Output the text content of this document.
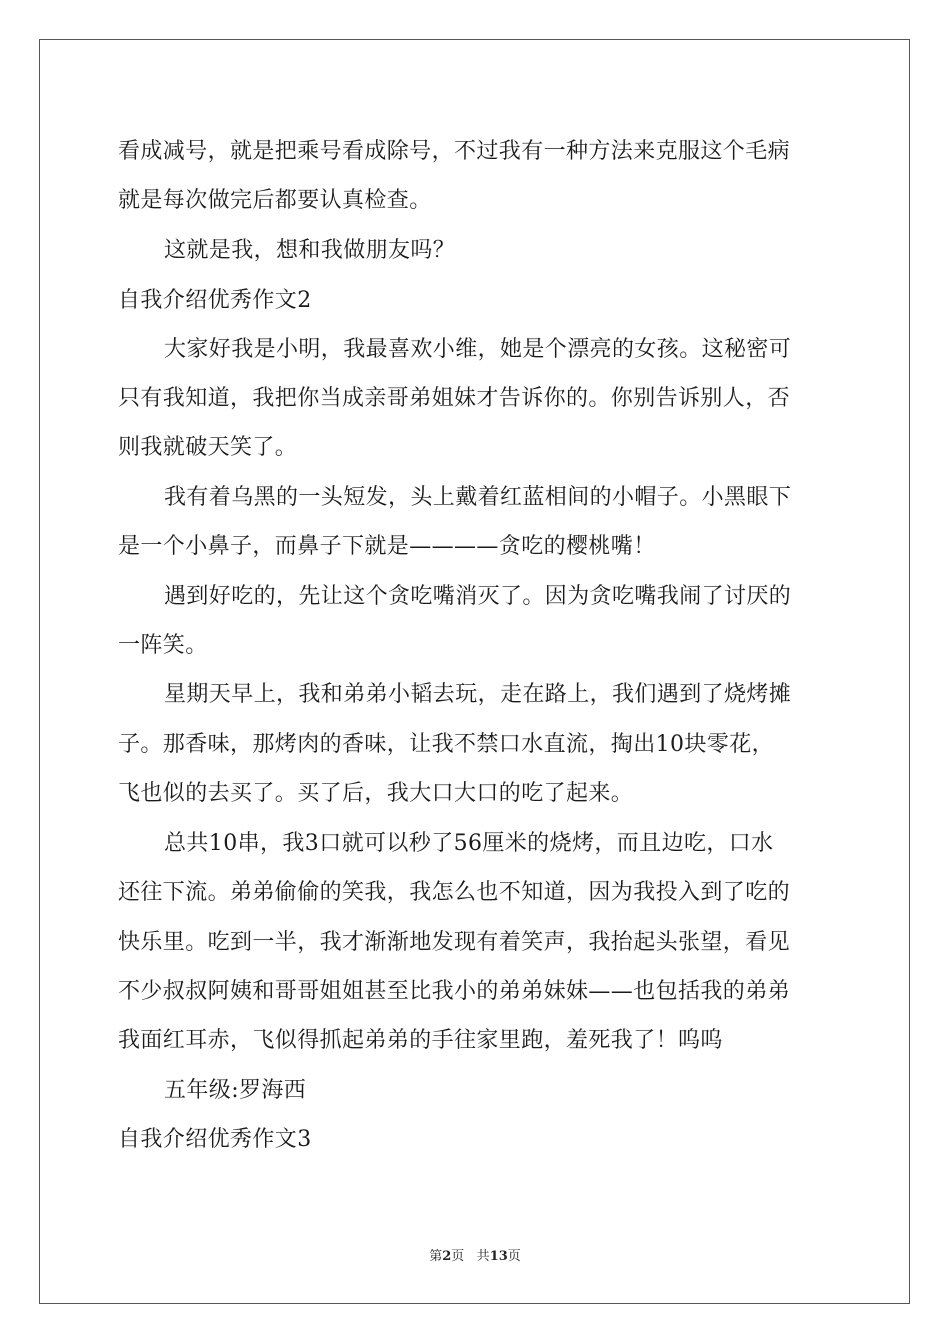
看成减号，就是把乘号看成除号，不过我有一种方法来克服这个毛病
就是每次做完后都要认真检查。
这就是我，想和我做朋友吗？
自我介绍优秀作文2
大家好我是小明，我最喜欢小维，她是个漂亮的女孩。这秘密可
只有我知道，我把你当成亲哥弟姐妹才告诉你的。你别告诉别人，否
则我就破天笑了。
我有着乌黑的一头短发，头上戴着红蓝相间的小帽子。小黑眼下
是一个小鼻子，而鼻子下就是————贪吃的樱桃嘴！
遇到好吃的，先让这个贪吃嘴消灭了。因为贪吃嘴我闹了讨厌的
一阵笑。
星期天早上，我和弟弟小韬去玩，走在路上，我们遇到了烧烤摊
子。那香味，那烤肉的香味，让我不禁口水直流，掏出10块零花，
飞也似的去买了。买了后，我大口大口的吃了起来。
总共10串，我3口就可以秒了56厘米的烧烤，而且边吃，口水
还往下流。弟弟偷偷的笑我，我怎么也不知道，因为我投入到了吃的
快乐里。吃到一半，我才渐渐地发现有着笑声，我抬起头张望，看见
不少叔叔阿姨和哥哥姐姐甚至比我小的弟弟妹妹——也包括我的弟弟
我面红耳赤，飞似得抓起弟弟的手往家里跑，羞死我了！呜呜
五年级:罗海西
自我介绍优秀作文3
第2页 共13页
